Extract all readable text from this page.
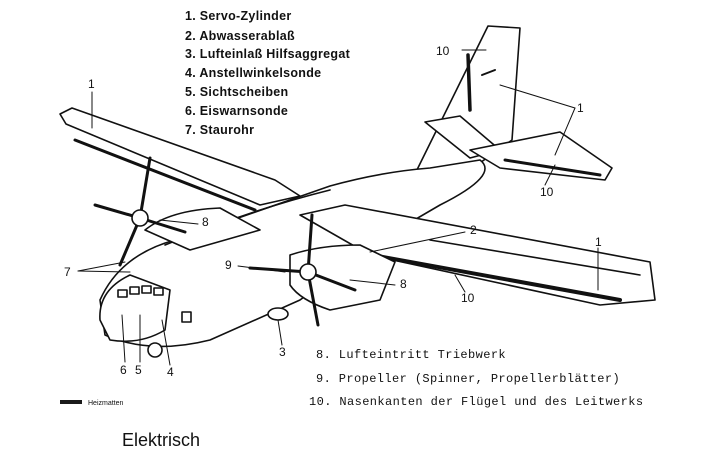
1. Servo-Zylinder
2. Abwasserablaß
3. Lufteinlaß Hilfsaggregat
4. Anstellwinkelsonde
5. Sichtscheiben
6. Eiswarnsonde
7. Staurohr
1
10
1
10
8
2
1
9
7
8
10
3
6 5 4
8. Lufteintritt Triebwerk
9. Propeller (Spinner, Propellerblätter)
10. Nasenkanten der Flügel und des Leitwerks
Heizmatten
Elektrisch
